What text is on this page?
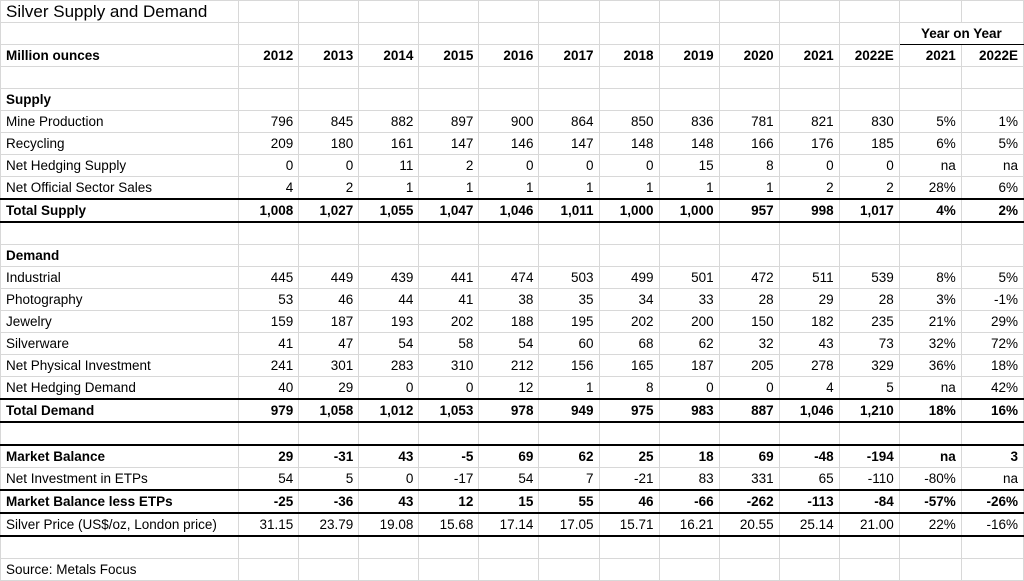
Silver Supply and Demand													
												Year on Year	
Million ounces	2012	2013	2014	2015	2016	2017	2018	2019	2020	2021	2022E	2021	2022E

Supply													
Mine Production	796	845	882	897	900	864	850	836	781	821	830	5%	1%
Recycling	209	180	161	147	146	147	148	148	166	176	185	6%	5%
Net Hedging Supply	0	0	11	2	0	0	0	15	8	0	0	na	na
Net Official Sector Sales	4	2	1	1	1	1	1	1	1	2	2	28%	6%
Total Supply	1,008	1,027	1,055	1,047	1,046	1,011	1,000	1,000	957	998	1,017	4%	2%

Demand													
Industrial	445	449	439	441	474	503	499	501	472	511	539	8%	5%
Photography	53	46	44	41	38	35	34	33	28	29	28	3%	-1%
Jewelry	159	187	193	202	188	195	202	200	150	182	235	21%	29%
Silverware	41	47	54	58	54	60	68	62	32	43	73	32%	72%
Net Physical Investment	241	301	283	310	212	156	165	187	205	278	329	36%	18%
Net Hedging Demand	40	29	0	0	12	1	8	0	0	4	5	na	42%
Total Demand	979	1,058	1,012	1,053	978	949	975	983	887	1,046	1,210	18%	16%

Market Balance	29	-31	43	-5	69	62	25	18	69	-48	-194	na	3
Net Investment in ETPs	54	5	0	-17	54	7	-21	83	331	65	-110	-80%	na
Market Balance less ETPs	-25	-36	43	12	15	55	46	-66	-262	-113	-84	-57%	-26%
Silver Price (US$/oz, London price)	31.15	23.79	19.08	15.68	17.14	17.05	15.71	16.21	20.55	25.14	21.00	22%	-16%

Source: Metals Focus													
